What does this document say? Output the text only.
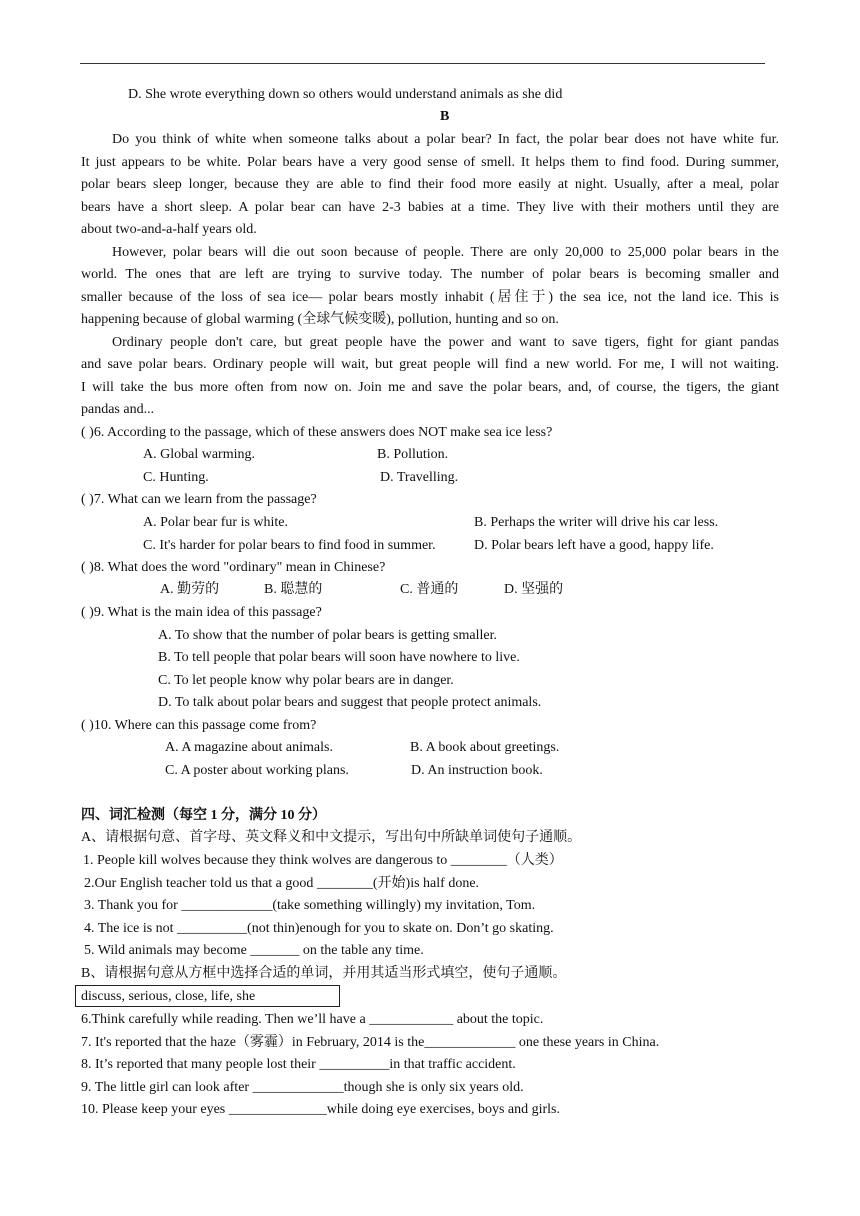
D. She wrote everything down so others would understand animals as she did
B
Do you think of white when someone talks about a polar bear? In fact, the polar bear does not have white fur.
It just appears to be white. Polar bears have a very good sense of smell. It helps them to find food. During summer,
polar bears sleep longer, because they are able to find their food more easily at night. Usually, after a meal, polar
bears have a short sleep. A polar bear can have 2-3 babies at a time. They live with their mothers until they are
about two-and-a-half years old.
However, polar bears will die out soon because of people. There are only 20,000 to 25,000 polar bears in the
world. The ones that are left are trying to survive today. The number of polar bears is becoming smaller and
smaller because of the loss of sea ice— polar bears mostly inhabit (居住于) the sea ice, not the land ice. This is
happening because of global warming (全球气候变暖), pollution, hunting and so on.
Ordinary people don't care, but great people have the power and want to save tigers, fight for giant pandas
and save polar bears. Ordinary people will wait, but great people will find a new world. For me, I will not waiting.
I will take the bus more often from now on. Join me and save the polar bears, and, of course, the tigers, the giant
pandas and...
( )6. According to the passage, which of these answers does NOT make sea ice less?
A. Global warming.	B. Pollution.
C. Hunting.	D. Travelling.
( )7. What can we learn from the passage?
A. Polar bear fur is white.	B. Perhaps the writer will drive his car less.
C. It's harder for polar bears to find food in summer.	D. Polar bears left have a good, happy life.
( )8. What does the word "ordinary" mean in Chinese?
A. 勤劳的	B. 聪慧的	C. 普通的	D. 坚强的
( )9. What is the main idea of this passage?
A. To show that the number of polar bears is getting smaller.
B. To tell people that polar bears will soon have nowhere to live.
C. To let people know why polar bears are in danger.
D. To talk about polar bears and suggest that people protect animals.
( )10. Where can this passage come from?
A. A magazine about animals.	B. A book about greetings.
C. A poster about working plans.	D. An instruction book.
四、词汇检测（每空 1 分，满分 10 分）
A、请根据句意、首字母、英文释义和中文提示，写出句中所缺单词使句子通顺。
1. People kill wolves because they think wolves are dangerous to ________（人类）
2.Our English teacher told us that a good ________(开始)is half done.
3. Thank you for _____________(take something willingly) my invitation, Tom.
4. The ice is not __________(not thin)enough for you to skate on. Don’t go skating.
5. Wild animals may become _______ on the table any time.
B、请根据句意从方框中选择合适的单词，并用其适当形式填空，使句子通顺。
discuss, serious, close, life, she
6.Think carefully while reading. Then we’ll have a ____________ about the topic.
7. It's reported that the haze（雾霾）in February, 2014 is the_____________ one these years in China.
8. It’s reported that many people lost their __________in that traffic accident.
9. The little girl can look after _____________though she is only six years old.
10. Please keep your eyes ______________while doing eye exercises, boys and girls.
